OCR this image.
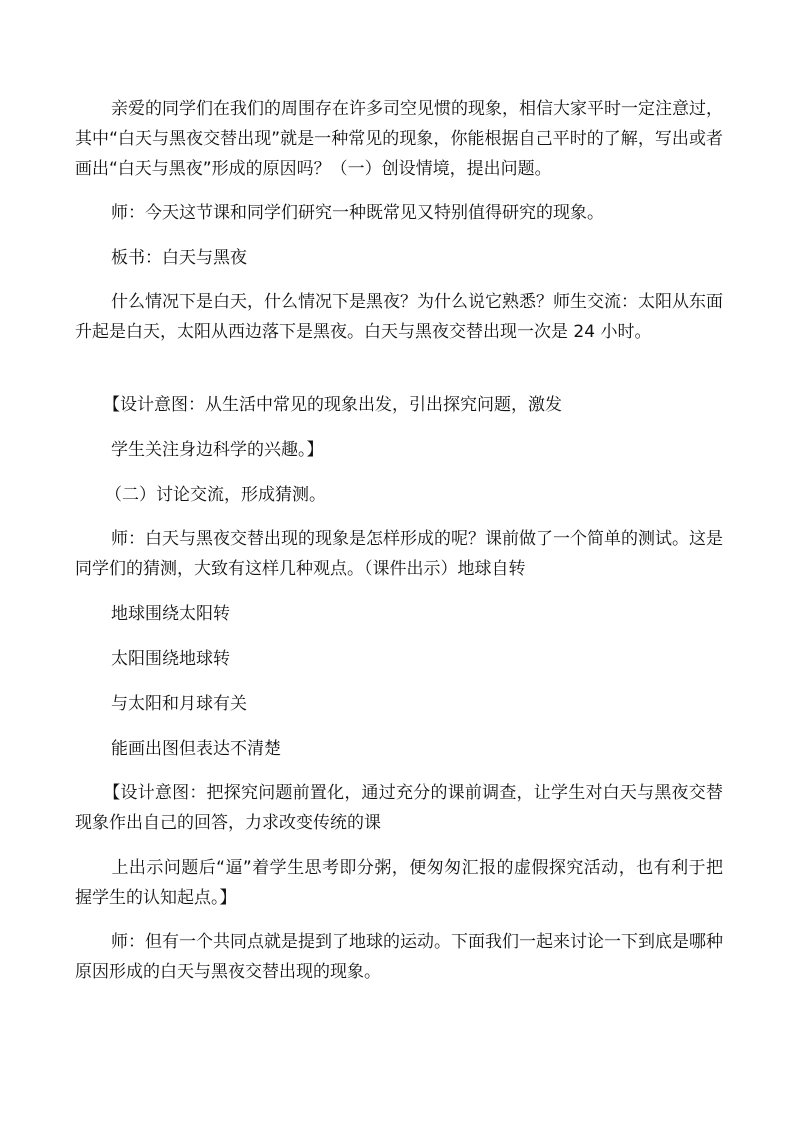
亲爱的同学们在我们的周围存在许多司空见惯的现象，相信大家平时一定注意过，其中“白天与黑夜交替出现”就是一种常见的现象，你能根据自己平时的了解，写出或者画出“白天与黑夜”形成的原因吗？（一）创设情境，提出问题。

师：今天这节课和同学们研究一种既常见又特别值得研究的现象。

板书：白天与黑夜

什么情况下是白天，什么情况下是黑夜？为什么说它熟悉？师生交流：太阳从东面升起是白天，太阳从西边落下是黑夜。白天与黑夜交替出现一次是 24 小时。

【设计意图：从生活中常见的现象出发，引出探究问题，激发

学生关注身边科学的兴趣。】

（二）讨论交流，形成猜测。

师：白天与黑夜交替出现的现象是怎样形成的呢？课前做了一个简单的测试。这是同学们的猜测，大致有这样几种观点。（课件出示）地球自转

地球围绕太阳转

太阳围绕地球转

与太阳和月球有关

能画出图但表达不清楚

【设计意图：把探究问题前置化，通过充分的课前调查，让学生对白天与黑夜交替现象作出自己的回答，力求改变传统的课

上出示问题后“逼”着学生思考即分粥，便匆匆汇报的虚假探究活动，也有利于把握学生的认知起点。】

师：但有一个共同点就是提到了地球的运动。下面我们一起来讨论一下到底是哪种原因形成的白天与黑夜交替出现的现象。
